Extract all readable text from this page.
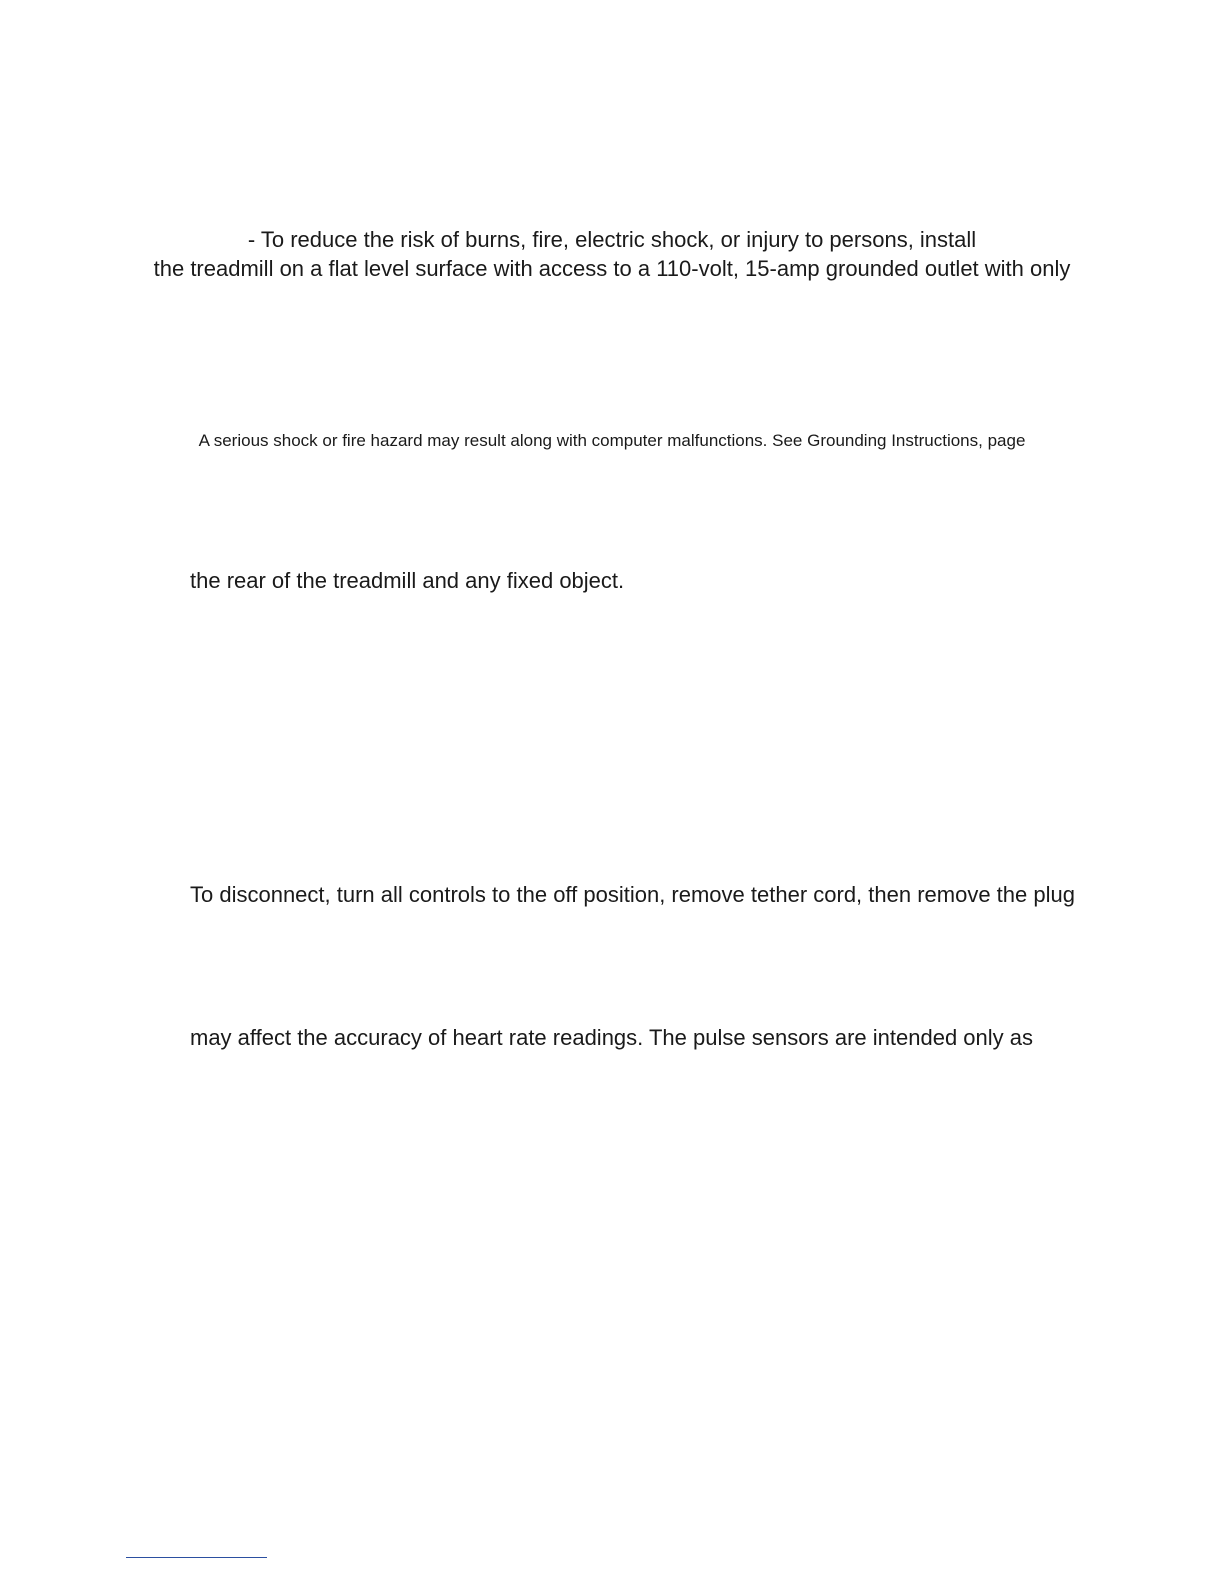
- To reduce the risk of burns, fire, electric shock, or injury to persons, install

the treadmill on a flat level surface with access to a 110-volt, 15-amp grounded outlet with only

A serious shock or fire hazard may result along with computer malfunctions. See Grounding Instructions, page

the rear of the treadmill and any fixed object.

To disconnect, turn all controls to the off position, remove tether cord, then remove the plug

may affect the accuracy of heart rate readings. The pulse sensors are intended only as
